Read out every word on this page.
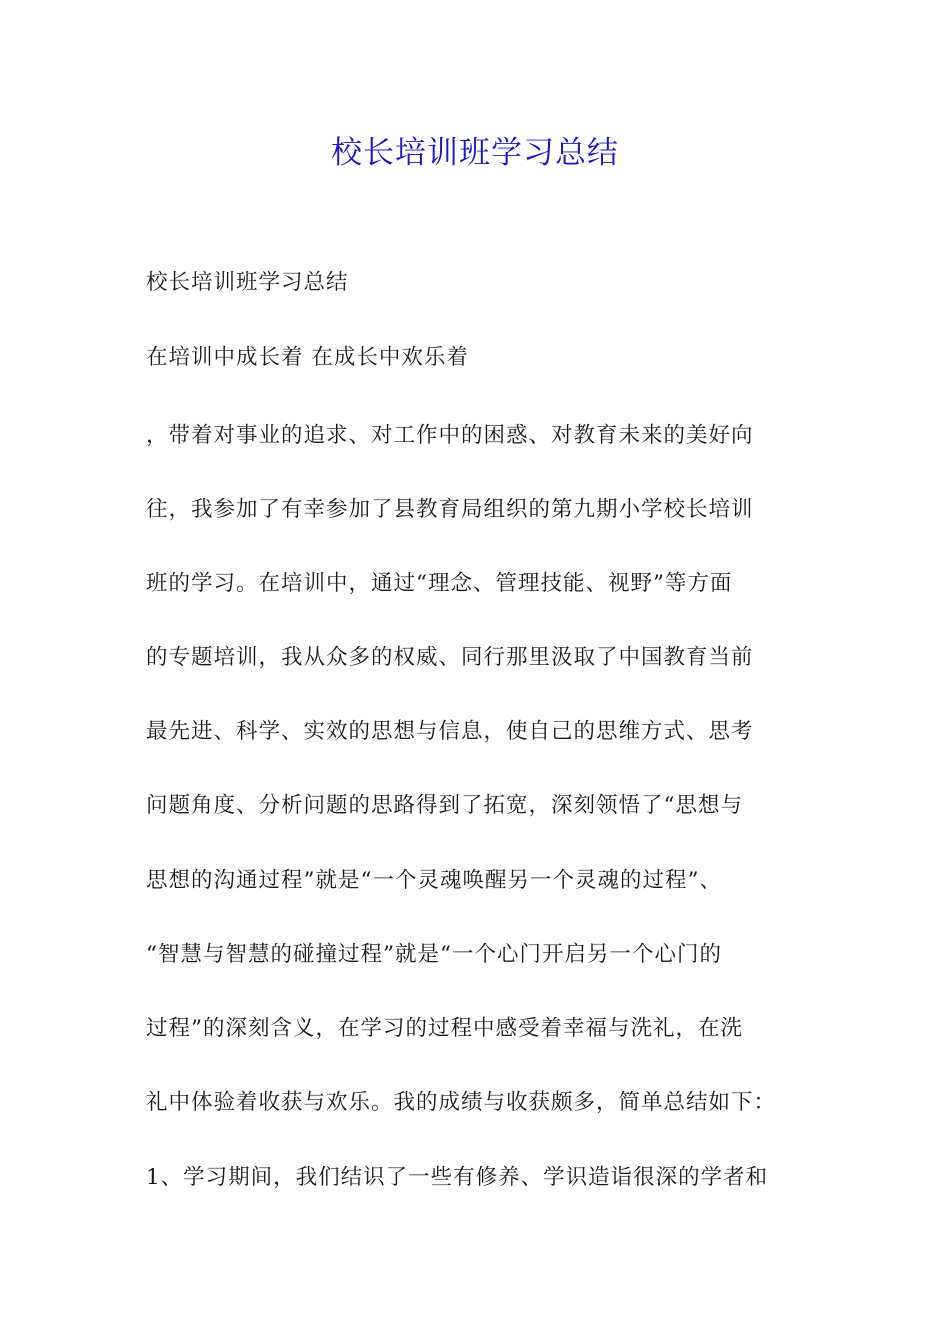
校长培训班学习总结

校长培训班学习总结

在培训中成长着 在成长中欢乐着

，带着对事业的追求、对工作中的困惑、对教育未来的美好向

往，我参加了有幸参加了县教育局组织的第九期小学校长培训

班的学习。在培训中，通过“理念、管理技能、视野”等方面

的专题培训，我从众多的权威、同行那里汲取了中国教育当前

最先进、科学、实效的思想与信息，使自己的思维方式、思考

问题角度、分析问题的思路得到了拓宽，深刻领悟了“思想与

思想的沟通过程”就是“一个灵魂唤醒另一个灵魂的过程”、

“智慧与智慧的碰撞过程”就是“一个心门开启另一个心门的

过程”的深刻含义，在学习的过程中感受着幸福与洗礼，在洗

礼中体验着收获与欢乐。我的成绩与收获颇多，简单总结如下：

1、学习期间，我们结识了一些有修养、学识造诣很深的学者和
